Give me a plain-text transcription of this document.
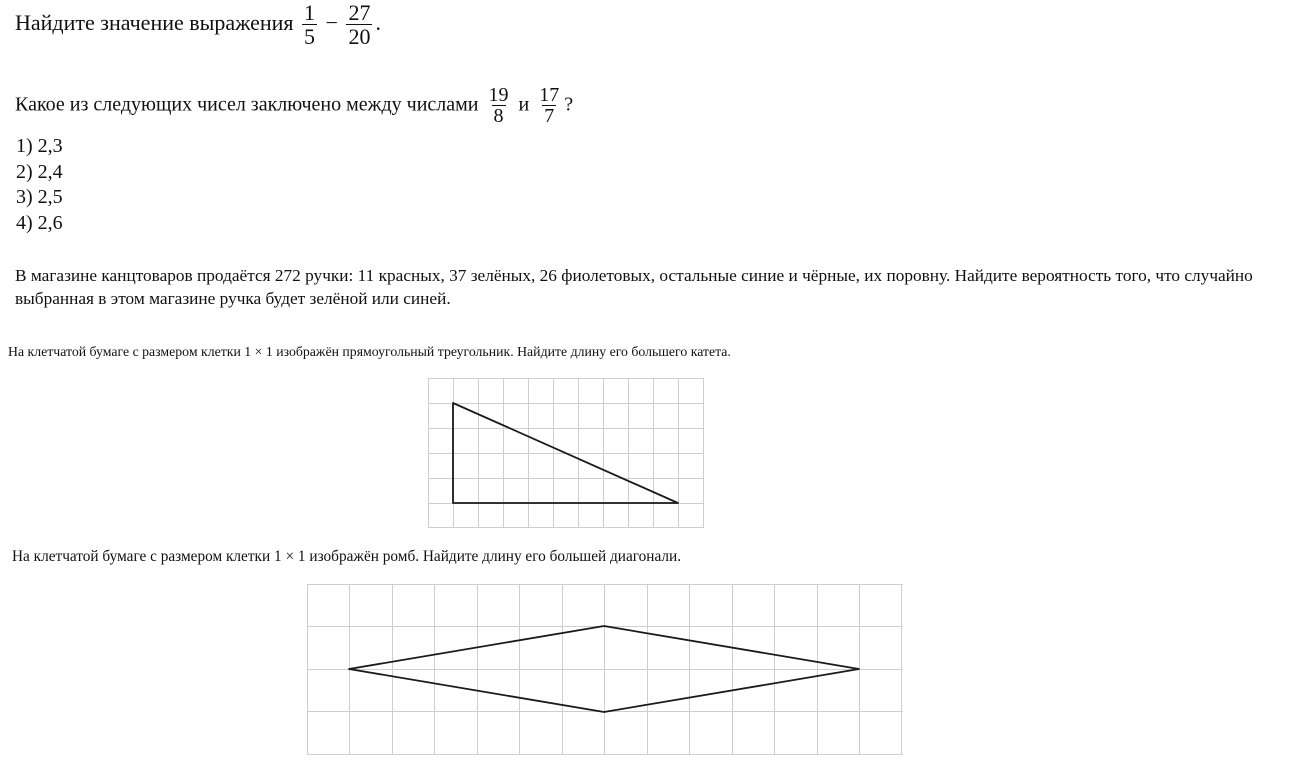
Найдите значение выражения $\frac{1}{5} - \frac{27}{20}$ .
Какое из следующих чисел заключено между числами $\frac{19}{8}$ и $\frac{17}{7}$ ?
1) 2,3
2) 2,4
3) 2,5
4) 2,6
В магазине канцтоваров продаётся 272 ручки: 11 красных, 37 зелёных, 26 фиолетовых, остальные синие и чёрные, их поровну. Найдите вероятность того, что случайно выбранная в этом магазине ручка будет зелёной или синей.
На клетчатой бумаге с размером клетки 1 × 1 изображён прямоугольный треугольник. Найдите длину его большего катета.
На клетчатой бумаге с размером клетки 1 × 1 изображён ромб. Найдите длину его большей диагонали.
